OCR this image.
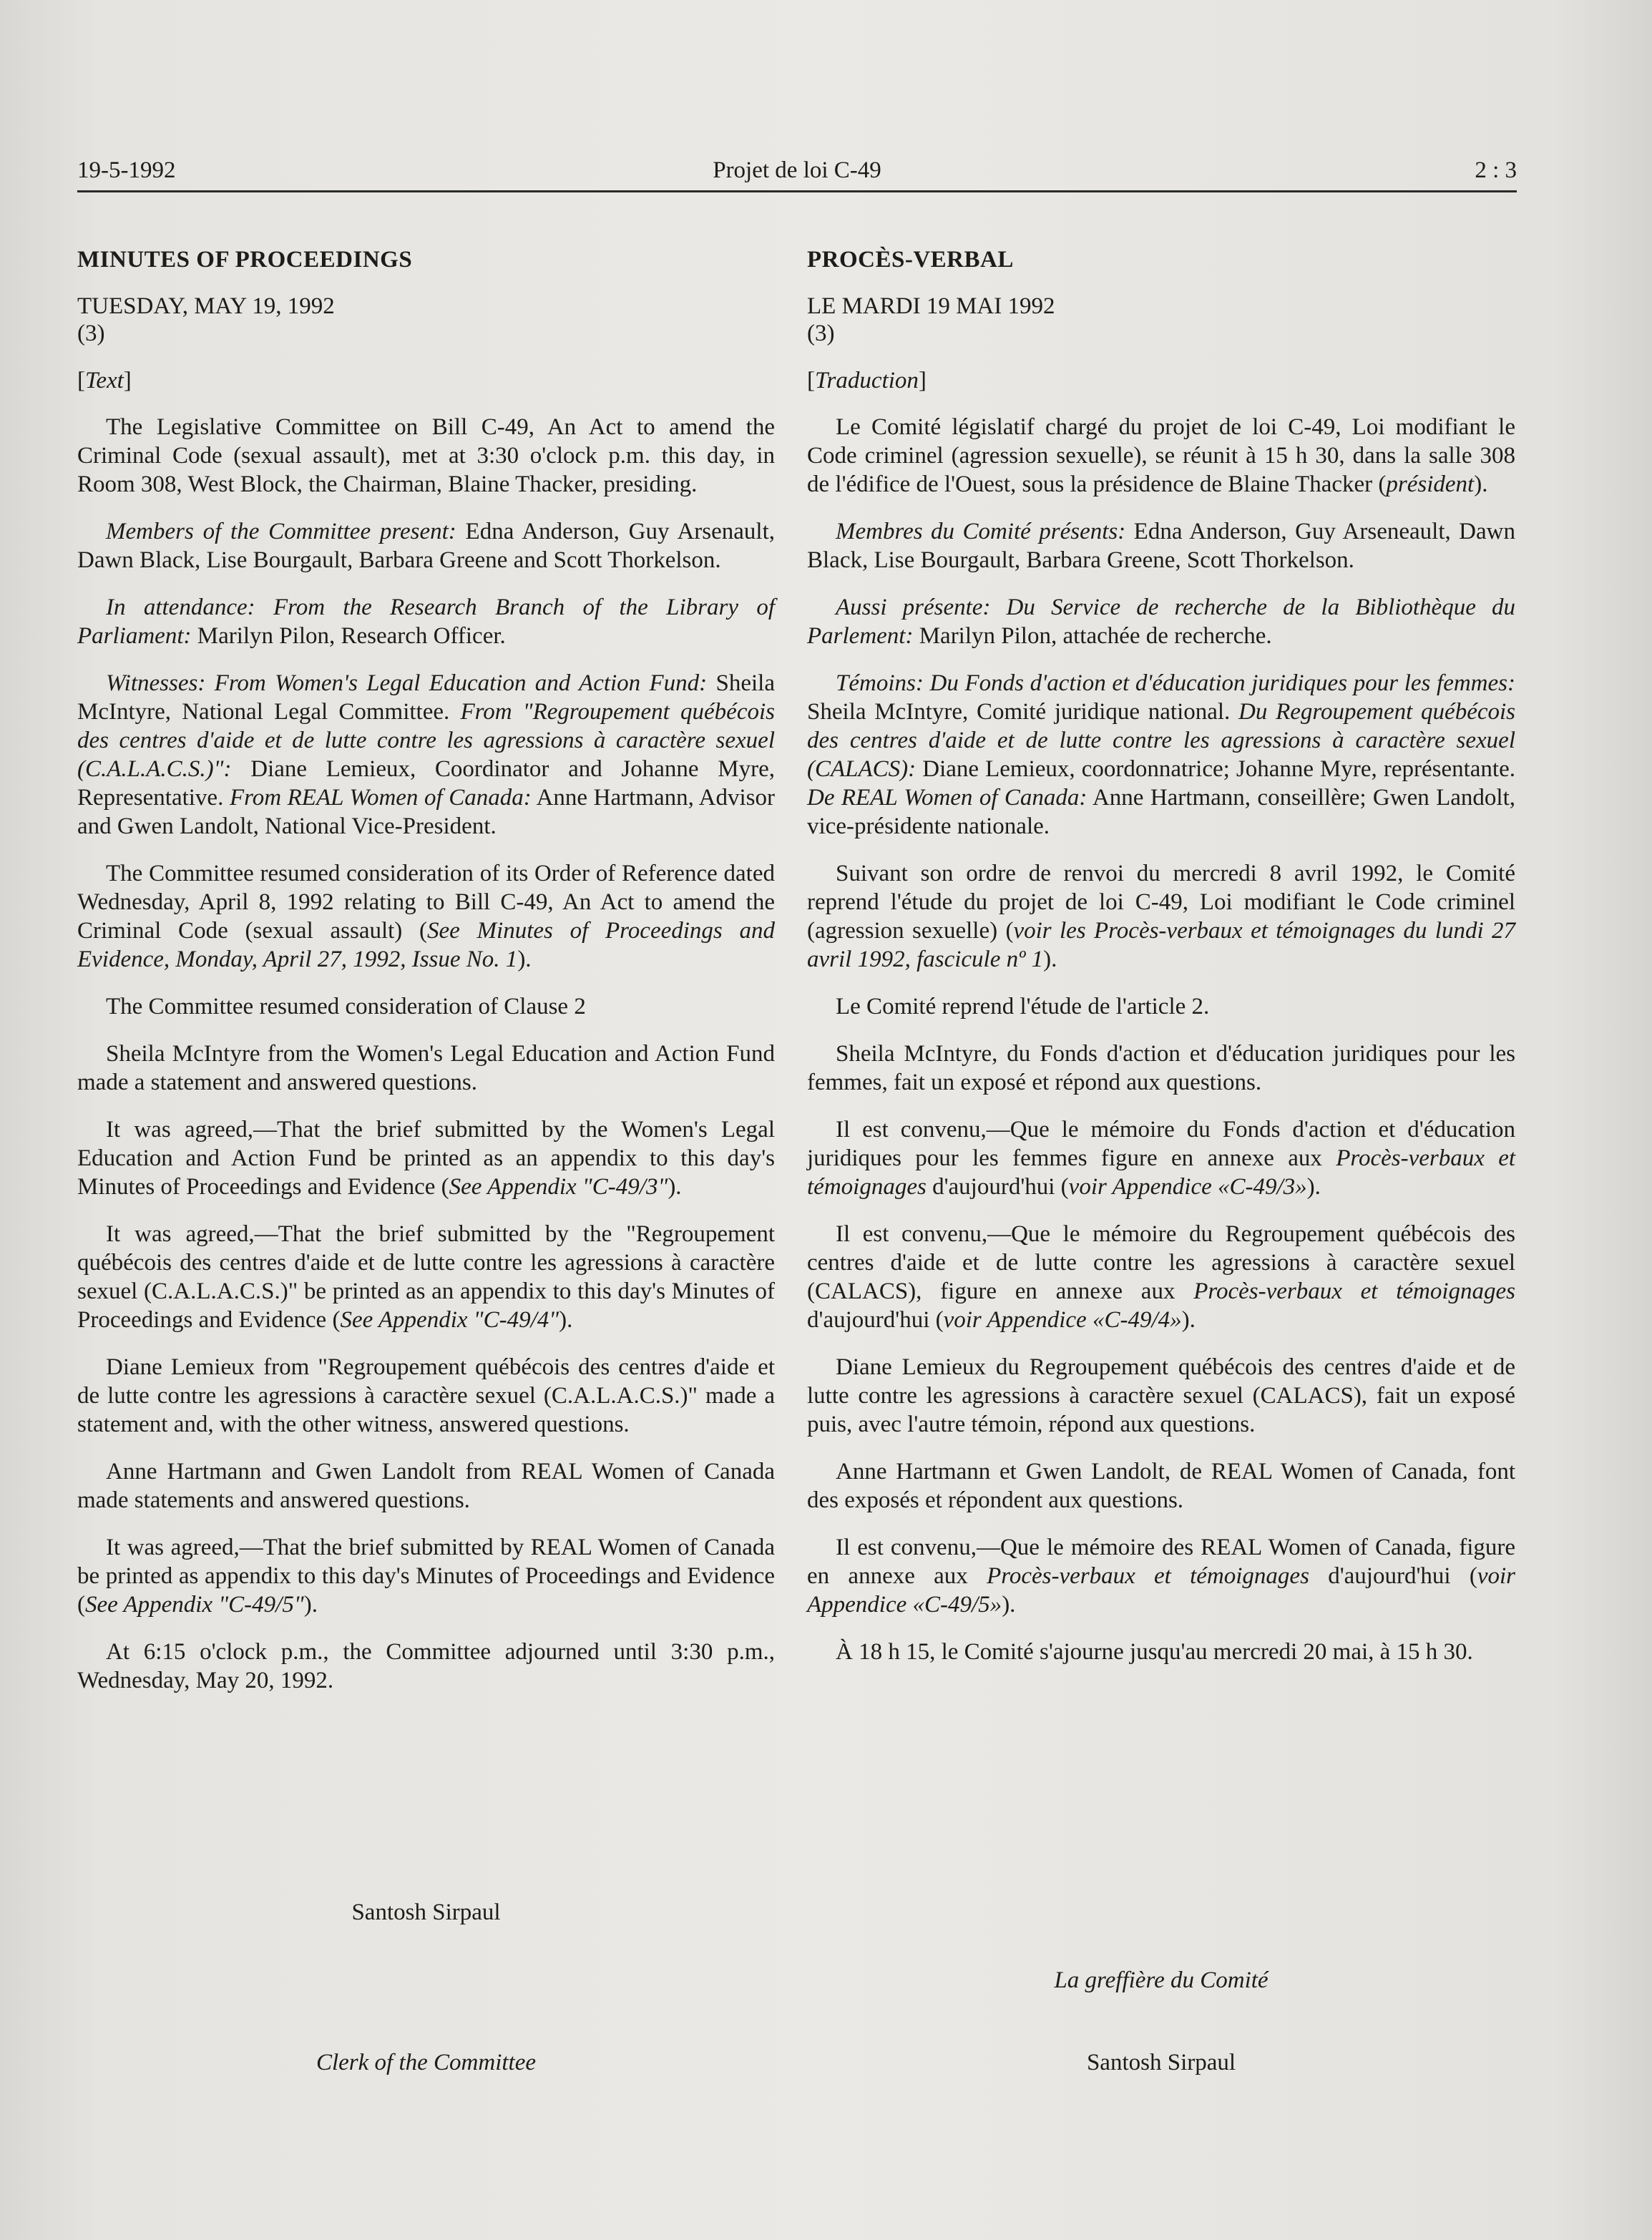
19-5-1992	Projet de loi C-49	2 : 3
MINUTES OF PROCEEDINGS
TUESDAY, MAY 19, 1992
(3)
[Text]

The Legislative Committee on Bill C-49, An Act to amend the Criminal Code (sexual assault), met at 3:30 o'clock p.m. this day, in Room 308, West Block, the Chairman, Blaine Thacker, presiding.

Members of the Committee present: Edna Anderson, Guy Arsenault, Dawn Black, Lise Bourgault, Barbara Greene and Scott Thorkelson.

In attendance: From the Research Branch of the Library of Parliament: Marilyn Pilon, Research Officer.

Witnesses: From Women's Legal Education and Action Fund: Sheila McIntyre, National Legal Committee. From "Regroupement québécois des centres d'aide et de lutte contre les agressions à caractère sexuel (C.A.L.A.C.S.)": Diane Lemieux, Coordinator and Johanne Myre, Representative. From REAL Women of Canada: Anne Hartmann, Advisor and Gwen Landolt, National Vice-President.

The Committee resumed consideration of its Order of Reference dated Wednesday, April 8, 1992 relating to Bill C-49, An Act to amend the Criminal Code (sexual assault) (See Minutes of Proceedings and Evidence, Monday, April 27, 1992, Issue No. 1).

The Committee resumed consideration of Clause 2

Sheila McIntyre from the Women's Legal Education and Action Fund made a statement and answered questions.

It was agreed,—That the brief submitted by the Women's Legal Education and Action Fund be printed as an appendix to this day's Minutes of Proceedings and Evidence (See Appendix "C-49/3").

It was agreed,—That the brief submitted by the "Regroupement québécois des centres d'aide et de lutte contre les agressions à caractère sexuel (C.A.L.A.C.S.)" be printed as an appendix to this day's Minutes of Proceedings and Evidence (See Appendix "C-49/4").

Diane Lemieux from "Regroupement québécois des centres d'aide et de lutte contre les agressions à caractère sexuel (C.A.L.A.C.S.)" made a statement and, with the other witness, answered questions.

Anne Hartmann and Gwen Landolt from REAL Women of Canada made statements and answered questions.

It was agreed,—That the brief submitted by REAL Women of Canada be printed as appendix to this day's Minutes of Proceedings and Evidence (See Appendix "C-49/5").

At 6:15 o'clock p.m., the Committee adjourned until 3:30 p.m., Wednesday, May 20, 1992.

Santosh Sirpaul

Clerk of the Committee

PROCÈS-VERBAL
LE MARDI 19 MAI 1992
(3)
[Traduction]

Le Comité législatif chargé du projet de loi C-49, Loi modifiant le Code criminel (agression sexuelle), se réunit à 15 h 30, dans la salle 308 de l'édifice de l'Ouest, sous la présidence de Blaine Thacker (président).

Membres du Comité présents: Edna Anderson, Guy Arseneault, Dawn Black, Lise Bourgault, Barbara Greene, Scott Thorkelson.

Aussi présente: Du Service de recherche de la Bibliothèque du Parlement: Marilyn Pilon, attachée de recherche.

Témoins: Du Fonds d'action et d'éducation juridiques pour les femmes: Sheila McIntyre, Comité juridique national. Du Regroupement québécois des centres d'aide et de lutte contre les agressions à caractère sexuel (CALACS): Diane Lemieux, coordonnatrice; Johanne Myre, représentante. De REAL Women of Canada: Anne Hartmann, conseillère; Gwen Landolt, vice-présidente nationale.

Suivant son ordre de renvoi du mercredi 8 avril 1992, le Comité reprend l'étude du projet de loi C-49, Loi modifiant le Code criminel (agression sexuelle) (voir les Procès-verbaux et témoignages du lundi 27 avril 1992, fascicule nº 1).

Le Comité reprend l'étude de l'article 2.

Sheila McIntyre, du Fonds d'action et d'éducation juridiques pour les femmes, fait un exposé et répond aux questions.

Il est convenu,—Que le mémoire du Fonds d'action et d'éducation juridiques pour les femmes figure en annexe aux Procès-verbaux et témoignages d'aujourd'hui (voir Appendice «C-49/3»).

Il est convenu,—Que le mémoire du Regroupement québécois des centres d'aide et de lutte contre les agressions à caractère sexuel (CALACS), figure en annexe aux Procès-verbaux et témoignages d'aujourd'hui (voir Appendice «C-49/4»).

Diane Lemieux du Regroupement québécois des centres d'aide et de lutte contre les agressions à caractère sexuel (CALACS), fait un exposé puis, avec l'autre témoin, répond aux questions.

Anne Hartmann et Gwen Landolt, de REAL Women of Canada, font des exposés et répondent aux questions.

Il est convenu,—Que le mémoire des REAL Women of Canada, figure en annexe aux Procès-verbaux et témoignages d'aujourd'hui (voir Appendice «C-49/5»).

À 18 h 15, le Comité s'ajourne jusqu'au mercredi 20 mai, à 15 h 30.

La greffière du Comité

Santosh Sirpaul
